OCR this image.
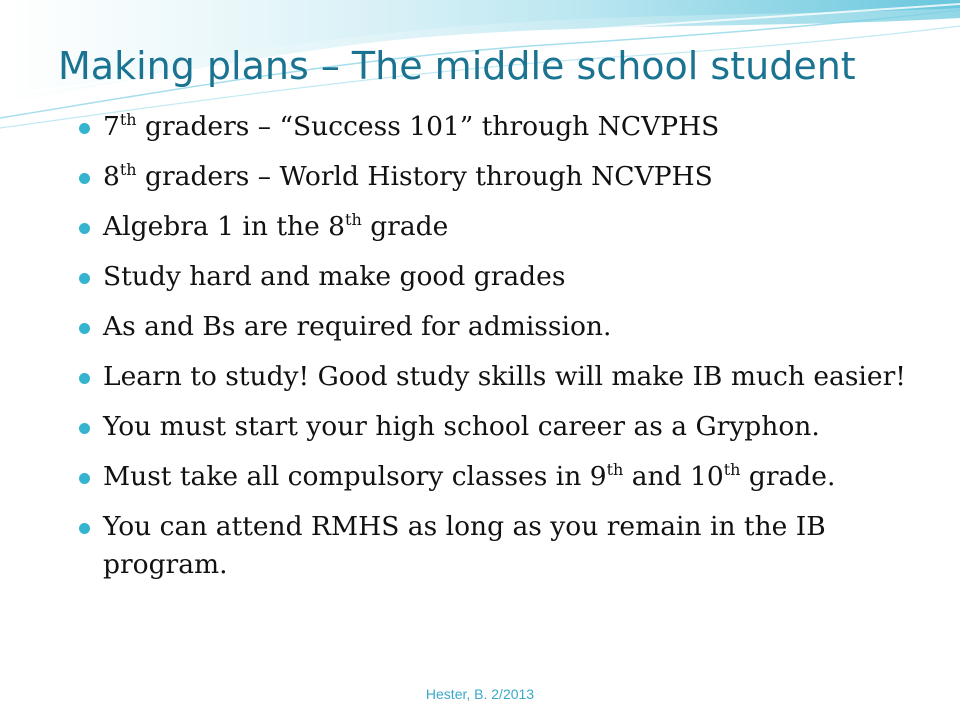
Making plans – The middle school student
7th graders – “Success 101” through NCVPHS
8th graders – World History through NCVPHS
Algebra 1 in the 8th grade
Study hard and make good grades
As and Bs are required for admission.
Learn to study! Good study skills will make IB much easier!
You must start your high school career as a Gryphon.
Must take all compulsory classes in 9th and 10th grade.
You can attend RMHS as long as you remain in the IB program.
Hester, B. 2/2013
